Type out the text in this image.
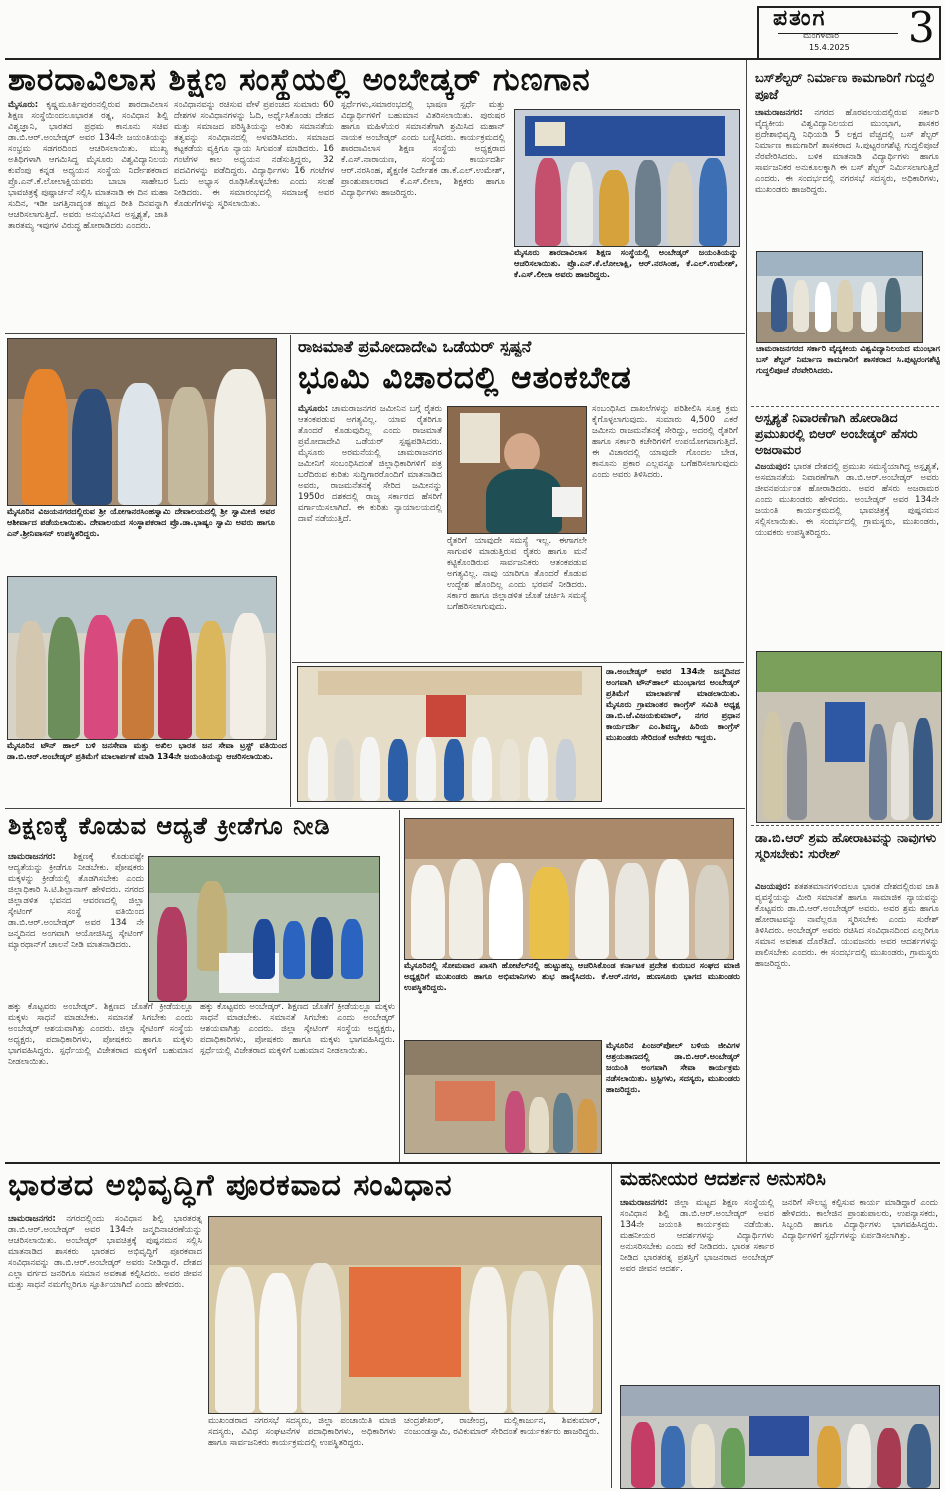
ಪತಂಗ
ಮಂಗಳವಾರ
15.4.2025 3
ಶಾರದಾವಿಲಾಸ ಶಿಕ್ಷಣ ಸಂಸ್ಥೆಯಲ್ಲಿ ಅಂಬೇಡ್ಕರ್ ಗುಣಗಾನ
ಮೈಸೂರು: ಕೃಷ್ಣಮೂರ್ತಿಪುರಂನಲ್ಲಿರುವ ಶಾರದಾವಿಲಾಸ ಶಿಕ್ಷಣ ಸಂಸ್ಥೆಯಿಂದಲೂಭಾರತ ರತ್ನ, ಸಂವಿಧಾನ ಶಿಲ್ಪಿ ವಿಶ್ವಜ್ಞಾನಿ, ಭಾರತದ ಪ್ರಥಮ ಕಾನೂನು ಸಚಿವ ಡಾ.ಬಿ.ಆರ್.ಅಂಬೇಡ್ಕರ್ ಅವರ 134ನೇ ಜಯಂತಿಯನ್ನು ಸಂಭ್ರಮ ಸಡಗರದಿಂದ ಆಚರಿಸಲಾಯಿತು. ಮುಖ್ಯ ಅತಿಥಿಗಳಾಗಿ ಆಗಮಿಸಿದ್ದ ಮೈಸೂರು ವಿಶ್ವವಿದ್ಯಾನಿಲಯ ಕುವೆಂಪು ಕನ್ನಡ ಅಧ್ಯಯನ ಸಂಸ್ಥೆಯ ನಿರ್ದೇಶಕರಾದ ಪ್ರೊ.ಎನ್.ಕೆ.ಲೋಲಾಕ್ಷಿಯವರು ಬಾಬಾ ಸಾಹೇಬರ ಭಾವಚಿತ್ರಕ್ಕೆ ಪುಷ್ಪಾರ್ಚನೆ ಸಲ್ಲಿಸಿ ಮಾತನಾಡಿ ಈ ದಿನ ಮಹಾ ಸುದಿನ, ಇಡೀ ಜಗತ್ತಿನಾದ್ಯಂತ ಹಬ್ಬದ ರೀತಿ ದಿನವನ್ನಾಗಿ ಆಚರಿಸಲಾಗುತ್ತಿದೆ. ಅವರು ಅನುಭವಿಸಿದ ಅಸ್ಪೃಶ್ಯತೆ, ಜಾತಿ ತಾರತಮ್ಯ ಇವುಗಳ ವಿರುದ್ಧ ಹೋರಾಡಿದರು ಎಂದರು.
ಸಂವಿಧಾನವನ್ನು ರಚಿಸುವ ವೇಳೆ ಪ್ರಪಂಚದ ಸುಮಾರು 60 ದೇಶಗಳ ಸಂವಿಧಾನಗಳನ್ನು ಓದಿ, ಅರ್ಥೈಸಿಕೊಂಡು ದೇಶದ ಮತ್ತು ಸಮಾಜದ ಪರಿಸ್ಥಿತಿಯನ್ನು ಅರಿತು ಸಮಾನತೆಯ ತತ್ವವನ್ನು ಸಂವಿಧಾನದಲ್ಲಿ ಅಳವಡಿಸಿದರು. ಸಮಾಜದ ಕಟ್ಟಕಡೆಯ ವ್ಯಕ್ತಿಗೂ ನ್ಯಾಯ ಸಿಗುವಂತೆ ಮಾಡಿದರು. 16 ಗಂಟೆಗಳ ಕಾಲ ಅಧ್ಯಯನ ನಡೆಸುತ್ತಿದ್ದರು, 32 ಪದವಿಗಳನ್ನು ಪಡೆದಿದ್ದರು. ವಿದ್ಯಾರ್ಥಿಗಳು 16 ಗಂಟೆಗಳ ಓದು ಅಭ್ಯಾಸ ರೂಢಿಸಿಕೊಳ್ಳಬೇಕು ಎಂದು ಸಲಹೆ ನೀಡಿದರು. ಈ ಸಮಾರಂಭದಲ್ಲಿ ಸಮಾಜಕ್ಕೆ ಅವರ ಕೊಡುಗೆಗಳನ್ನು ಸ್ಮರಿಸಲಾಯಿತು.
ಸ್ಪರ್ಧೆಗಳು,ಸಮಾರಂಭದಲ್ಲಿ ಭಾಷಣ ಸ್ಪರ್ಧೆ ಮತ್ತು ವಿದ್ಯಾರ್ಥಿಗಳಿಗೆ ಬಹುಮಾನ ವಿತರಿಸಲಾಯಿತು. ಪುರುಷರ ಹಾಗೂ ಮಹಿಳೆಯರ ಸಮಾನತೆಗಾಗಿ ಶ್ರಮಿಸಿದ ಮಹಾನ್ ನಾಯಕ ಅಂಬೇಡ್ಕರ್ ಎಂದು ಬಣ್ಣಿಸಿದರು. ಕಾರ್ಯಕ್ರಮದಲ್ಲಿ ಶಾರದಾವಿಲಾಸ ಶಿಕ್ಷಣ ಸಂಸ್ಥೆಯ ಅಧ್ಯಕ್ಷರಾದ ಕೆ.ಎಸ್.ನಾರಾಯಣ, ಸಂಸ್ಥೆಯ ಕಾರ್ಯದರ್ಶಿ ಆರ್.ನರಸಿಂಹ, ಶೈಕ್ಷಣಿಕ ನಿರ್ದೇಶಕ ಡಾ.ಕೆ.ಎಲ್.ಉಮೇಶ್, ಪ್ರಾಂಶುಪಾಲರಾದ ಕೆ.ಎಸ್.ಲೀಲಾ, ಶಿಕ್ಷಕರು ಹಾಗೂ ವಿದ್ಯಾರ್ಥಿಗಳು ಹಾಜರಿದ್ದರು.
ಮೈಸೂರು ಶಾರದಾವಿಲಾಸ ಶಿಕ್ಷಣ ಸಂಸ್ಥೆಯಲ್ಲಿ ಅಂಬೇಡ್ಕರ್ ಜಯಂತಿಯನ್ನು ಆಚರಿಸಲಾಯಿತು. ಪ್ರೊ.ಎನ್.ಕೆ.ಲೋಲಾಕ್ಷಿ, ಆರ್.ನರಸಿಂಹ, ಕೆ.ಎಲ್.ಉಮೇಶ್, ಕೆ.ಎಸ್.ಲೀಲಾ ಅವರು ಹಾಜರಿದ್ದರು.
ಬಸ್‌ಶೆಲ್ಟರ್ ನಿರ್ಮಾಣ ಕಾಮಗಾರಿಗೆ ಗುದ್ದಲಿ ಪೂಜೆ
ಚಾಮರಾಜನಗರ: ನಗರದ ಹೊರವಲಯದಲ್ಲಿರುವ ಸರ್ಕಾರಿ ವೈದ್ಯಕೀಯ ವಿಶ್ವವಿದ್ಯಾನಿಲಯದ ಮುಂಭಾಗ, ಶಾಸಕರ ಪ್ರದೇಶಾಭಿವೃದ್ಧಿ ನಿಧಿಯಡಿ 5 ಲಕ್ಷದ ವೆಚ್ಚದಲ್ಲಿ ಬಸ್ ಶೆಲ್ಟರ್ ನಿರ್ಮಾಣ ಕಾಮಗಾರಿಗೆ ಶಾಸಕರಾದ ಸಿ.ಪುಟ್ಟರಂಗಶೆಟ್ಟಿ ಗುದ್ದಲಿಪೂಜೆ ನೆರವೇರಿಸಿದರು. ಬಳಿಕ ಮಾತನಾಡಿ ವಿದ್ಯಾರ್ಥಿಗಳು ಹಾಗೂ ಸಾರ್ವಜನಿಕರ ಅನುಕೂಲಕ್ಕಾಗಿ ಈ ಬಸ್ ಶೆಲ್ಟರ್ ನಿರ್ಮಿಸಲಾಗುತ್ತಿದೆ ಎಂದರು. ಈ ಸಂದರ್ಭದಲ್ಲಿ ನಗರಸಭೆ ಸದಸ್ಯರು, ಅಧಿಕಾರಿಗಳು, ಮುಖಂಡರು ಹಾಜರಿದ್ದರು.
ಚಾಮರಾಜನಗರದ ಸರ್ಕಾರಿ ವೈದ್ಯಕೀಯ ವಿಶ್ವವಿದ್ಯಾನಿಲಯದ ಮುಂಭಾಗ ಬಸ್ ಶೆಲ್ಟರ್ ನಿರ್ಮಾಣ ಕಾಮಗಾರಿಗೆ ಶಾಸಕರಾದ ಸಿ.ಪುಟ್ಟರಂಗಶೆಟ್ಟಿ ಗುದ್ದಲಿಪೂಜೆ ನೆರವೇರಿಸಿದರು.
ಅಸ್ಪೃಶ್ಯತೆ ನಿವಾರಣೆಗಾಗಿ ಹೋರಾಡಿದ ಪ್ರಮುಖರಲ್ಲಿ ಬಿಆರ್ ಅಂಬೇಡ್ಕರ್ ಹೆಸರು ಅಜರಾಮರ
ವಿಜಯಪುರ: ಭಾರತ ದೇಶದಲ್ಲಿ ಪ್ರಮುಖ ಸಮಸ್ಯೆಯಾಗಿದ್ದ ಅಸ್ಪೃಶ್ಯತೆ, ಅಸಮಾನತೆಯ ನಿವಾರಣೆಗಾಗಿ ಡಾ.ಬಿ.ಆರ್.ಅಂಬೇಡ್ಕರ್ ಅವರು ಜೀವನಪರ್ಯಂತ ಹೋರಾಡಿದರು. ಅವರ ಹೆಸರು ಅಜರಾಮರ ಎಂದು ಮುಖಂಡರು ಹೇಳಿದರು. ಅಂಬೇಡ್ಕರ್ ಅವರ 134ನೇ ಜಯಂತಿ ಕಾರ್ಯಕ್ರಮದಲ್ಲಿ ಭಾವಚಿತ್ರಕ್ಕೆ ಪುಷ್ಪನಮನ ಸಲ್ಲಿಸಲಾಯಿತು. ಈ ಸಂದರ್ಭದಲ್ಲಿ ಗ್ರಾಮಸ್ಥರು, ಮುಖಂಡರು, ಯುವಕರು ಉಪಸ್ಥಿತರಿದ್ದರು.
ಡಾ.ಬಿ.ಆರ್ ಶ್ರಮ ಹೋರಾಟವನ್ನು ನಾವುಗಳು ಸ್ಮರಿಸಬೇಕು: ಸುರೇಶ್
ವಿಜಯಪುರ: ಶತಶತಮಾನಗಳಿಂದಲೂ ಭಾರತ ದೇಶದಲ್ಲಿರುವ ಜಾತಿ ವ್ಯವಸ್ಥೆಯನ್ನು ಮೀರಿ ಸಮಾನತೆ ಹಾಗೂ ಸಾಮಾಜಿಕ ನ್ಯಾಯವನ್ನು ಕೊಟ್ಟವರು ಡಾ.ಬಿ.ಆರ್.ಅಂಬೇಡ್ಕರ್ ಅವರು. ಅವರ ಶ್ರಮ ಹಾಗೂ ಹೋರಾಟವನ್ನು ನಾವೆಲ್ಲರೂ ಸ್ಮರಿಸಬೇಕು ಎಂದು ಸುರೇಶ್ ತಿಳಿಸಿದರು. ಅಂಬೇಡ್ಕರ್ ಅವರು ರಚಿಸಿದ ಸಂವಿಧಾನದಿಂದ ಎಲ್ಲರಿಗೂ ಸಮಾನ ಅವಕಾಶ ದೊರೆತಿದೆ. ಯುವಜನರು ಅವರ ಆದರ್ಶಗಳನ್ನು ಪಾಲಿಸಬೇಕು ಎಂದರು. ಈ ಸಂದರ್ಭದಲ್ಲಿ ಮುಖಂಡರು, ಗ್ರಾಮಸ್ಥರು ಹಾಜರಿದ್ದರು.
ಮೈಸೂರಿನ ವಿಜಯನಗರದಲ್ಲಿರುವ ಶ್ರೀ ಯೋಗಾನರಸಿಂಹಸ್ವಾಮಿ ದೇವಾಲಯದಲ್ಲಿ ಶ್ರೀ ಸ್ವಾಮೀಜಿ ಅವರ ಆಶೀರ್ವಾದ ಪಡೆಯಲಾಯಿತು. ದೇವಾಲಯದ ಸಂಸ್ಥಾಪಕರಾದ ಪ್ರೊ.ಡಾ.ಭಾಷ್ಯಂ ಸ್ವಾಮಿ ಅವರು ಹಾಗೂ ಎನ್.ಶ್ರೀನಿವಾಸನ್ ಉಪಸ್ಥಿತರಿದ್ದರು.
ಮೈಸೂರಿನ ಟೌನ್ ಹಾಲ್ ಬಳಿ ಜನಸೇವಾ ಮತ್ತು ಅಖಿಲ ಭಾರತ ಜನ ಸೇವಾ ಟ್ರಸ್ಟ್ ವತಿಯಿಂದ ಡಾ.ಬಿ.ಆರ್.ಅಂಬೇಡ್ಕರ್ ಪ್ರತಿಮೆಗೆ ಮಾಲಾರ್ಪಣೆ ಮಾಡಿ 134ನೇ ಜಯಂತಿಯನ್ನು ಆಚರಿಸಲಾಯಿತು.
ರಾಜಮಾತೆ ಪ್ರಮೋದಾದೇವಿ ಒಡೆಯರ್ ಸ್ಪಷ್ಟನೆ
ಭೂಮಿ ವಿಚಾರದಲ್ಲಿ ಆತಂಕಬೇಡ
ಮೈಸೂರು: ಚಾಮರಾಜನಗರ ಜಮೀನಿನ ಬಗ್ಗೆ ರೈತರು ಆತಂಕಪಡುವ ಅಗತ್ಯವಿಲ್ಲ. ಯಾವ ರೈತರಿಗೂ ತೊಂದರೆ ಕೊಡುವುದಿಲ್ಲ ಎಂದು ರಾಜಮಾತೆ ಪ್ರಮೋದಾದೇವಿ ಒಡೆಯರ್ ಸ್ಪಷ್ಟಪಡಿಸಿದರು. ಮೈಸೂರು ಅರಮನೆಯಲ್ಲಿ ಚಾಮರಾಜನಗರ ಜಮೀನಿಗೆ ಸಂಬಂಧಿಸಿದಂತೆ ಜಿಲ್ಲಾಧಿಕಾರಿಗಳಿಗೆ ಪತ್ರ ಬರೆದಿರುವ ಕುರಿತು ಸುದ್ದಿಗಾರರೊಂದಿಗೆ ಮಾತನಾಡಿದ ಅವರು, ರಾಜಮನೆತನಕ್ಕೆ ಸೇರಿದ ಜಮೀನನ್ನು 1950ರ ದಶಕದಲ್ಲಿ ರಾಜ್ಯ ಸರ್ಕಾರದ ಹೆಸರಿಗೆ ವರ್ಗಾಯಿಸಲಾಗಿದೆ. ಈ ಕುರಿತು ನ್ಯಾಯಾಲಯದಲ್ಲಿ ದಾವೆ ನಡೆಯುತ್ತಿದೆ.
ರೈತರಿಗೆ ಯಾವುದೇ ಸಮಸ್ಯೆ ಇಲ್ಲ. ಈಗಾಗಲೇ ಸಾಗುವಳಿ ಮಾಡುತ್ತಿರುವ ರೈತರು ಹಾಗೂ ಮನೆ ಕಟ್ಟಿಕೊಂಡಿರುವ ಸಾರ್ವಜನಿಕರು ಆತಂಕಪಡುವ ಅಗತ್ಯವಿಲ್ಲ. ನಾವು ಯಾರಿಗೂ ತೊಂದರೆ ಕೊಡುವ ಉದ್ದೇಶ ಹೊಂದಿಲ್ಲ ಎಂದು ಭರವಸೆ ನೀಡಿದರು. ಸರ್ಕಾರ ಹಾಗೂ ಜಿಲ್ಲಾಡಳಿತ ಜೊತೆ ಚರ್ಚಿಸಿ ಸಮಸ್ಯೆ ಬಗೆಹರಿಸಲಾಗುವುದು.
ಸಂಬಂಧಿಸಿದ ದಾಖಲೆಗಳನ್ನು ಪರಿಶೀಲಿಸಿ ಸೂಕ್ತ ಕ್ರಮ ಕೈಗೊಳ್ಳಲಾಗುವುದು. ಸುಮಾರು 4,500 ಎಕರೆ ಜಮೀನು ರಾಜಮನೆತನಕ್ಕೆ ಸೇರಿದ್ದು, ಅದರಲ್ಲಿ ರೈತರಿಗೆ ಹಾಗೂ ಸರ್ಕಾರಿ ಕಚೇರಿಗಳಿಗೆ ಉಪಯೋಗವಾಗುತ್ತಿದೆ. ಈ ವಿಚಾರದಲ್ಲಿ ಯಾವುದೇ ಗೊಂದಲ ಬೇಡ, ಕಾನೂನು ಪ್ರಕಾರ ಎಲ್ಲವನ್ನೂ ಬಗೆಹರಿಸಲಾಗುವುದು ಎಂದು ಅವರು ತಿಳಿಸಿದರು.
ಡಾ.ಅಂಬೇಡ್ಕರ್ ಅವರ 134ನೇ ಜನ್ಮದಿನದ ಅಂಗವಾಗಿ ಟೌನ್‌ಹಾಲ್ ಮುಂಭಾಗದ ಅಂಬೇಡ್ಕರ್ ಪ್ರತಿಮೆಗೆ ಮಾಲಾರ್ಪಣೆ ಮಾಡಲಾಯಿತು. ಮೈಸೂರು ಗ್ರಾಮಾಂತರ ಕಾಂಗ್ರೆಸ್ ಸಮಿತಿ ಅಧ್ಯಕ್ಷ ಡಾ.ಬಿ.ಜೆ.ವಿಜಯಕುಮಾರ್, ನಗರ ಪ್ರಧಾನ ಕಾರ್ಯದರ್ಶಿ ಎಂ.ಶಿವಣ್ಣ, ಹಿರಿಯ ಕಾಂಗ್ರೆಸ್ ಮುಖಂಡರು ಸೇರಿದಂತೆ ಅನೇಕರು ಇದ್ದರು.
ಶಿಕ್ಷಣಕ್ಕೆ ಕೊಡುವ ಆದ್ಯತೆ ಕ್ರೀಡೆಗೂ ನೀಡಿ
ಚಾಮರಾಜನಗರ: ಶಿಕ್ಷಣಕ್ಕೆ ಕೊಡುವಷ್ಟೇ ಆದ್ಯತೆಯನ್ನು ಕ್ರೀಡೆಗೂ ನೀಡಬೇಕು. ಪೋಷಕರು ಮಕ್ಕಳನ್ನು ಕ್ರೀಡೆಯಲ್ಲಿ ತೊಡಗಿಸಬೇಕು ಎಂದು ಜಿಲ್ಲಾಧಿಕಾರಿ ಸಿ.ಟಿ.ಶಿಲ್ಪಾನಾಗ್ ಹೇಳಿದರು. ನಗರದ ಜಿಲ್ಲಾಡಳಿತ ಭವನದ ಆವರಣದಲ್ಲಿ ಜಿಲ್ಲಾ ಸ್ಕೇಟಿಂಗ್ ಸಂಸ್ಥೆ ವತಿಯಿಂದ ಡಾ.ಬಿ.ಆರ್.ಅಂಬೇಡ್ಕರ್ ಅವರ 134 ನೇ ಜನ್ಮದಿನದ ಅಂಗವಾಗಿ ಆಯೋಜಿಸಿದ್ದ ಸ್ಕೇಟಿಂಗ್ ಮ್ಯಾರಥಾನ್‌ಗೆ ಚಾಲನೆ ನೀಡಿ ಮಾತನಾಡಿದರು.
ಹಕ್ಕು ಕೊಟ್ಟವರು ಅಂಬೇಡ್ಕರ್. ಶಿಕ್ಷಣದ ಜೊತೆಗೆ ಕ್ರೀಡೆಯಲ್ಲೂ ಮಕ್ಕಳು ಸಾಧನೆ ಮಾಡಬೇಕು. ಸಮಾನತೆ ಸಿಗಬೇಕು ಎಂದು ಅಂಬೇಡ್ಕರ್ ಆಶಯವಾಗಿತ್ತು ಎಂದರು. ಜಿಲ್ಲಾ ಸ್ಕೇಟಿಂಗ್ ಸಂಸ್ಥೆಯ ಅಧ್ಯಕ್ಷರು, ಪದಾಧಿಕಾರಿಗಳು, ಪೋಷಕರು ಹಾಗೂ ಮಕ್ಕಳು ಭಾಗವಹಿಸಿದ್ದರು. ಸ್ಪರ್ಧೆಯಲ್ಲಿ ವಿಜೇತರಾದ ಮಕ್ಕಳಿಗೆ ಬಹುಮಾನ ನೀಡಲಾಯಿತು.
ಹಕ್ಕು ಕೊಟ್ಟವರು ಅಂಬೇಡ್ಕರ್. ಶಿಕ್ಷಣದ ಜೊತೆಗೆ ಕ್ರೀಡೆಯಲ್ಲೂ ಮಕ್ಕಳು ಸಾಧನೆ ಮಾಡಬೇಕು. ಸಮಾನತೆ ಸಿಗಬೇಕು ಎಂದು ಅಂಬೇಡ್ಕರ್ ಆಶಯವಾಗಿತ್ತು ಎಂದರು. ಜಿಲ್ಲಾ ಸ್ಕೇಟಿಂಗ್ ಸಂಸ್ಥೆಯ ಅಧ್ಯಕ್ಷರು, ಪದಾಧಿಕಾರಿಗಳು, ಪೋಷಕರು ಹಾಗೂ ಮಕ್ಕಳು ಭಾಗವಹಿಸಿದ್ದರು. ಸ್ಪರ್ಧೆಯಲ್ಲಿ ವಿಜೇತರಾದ ಮಕ್ಕಳಿಗೆ ಬಹುಮಾನ ನೀಡಲಾಯಿತು.
ಮೈಸೂರಿನಲ್ಲಿ ಸೋಮವಾರ ಖಾಸಗಿ ಹೋಟೆಲ್‌ನಲ್ಲಿ ಹುಟ್ಟುಹಬ್ಬ ಆಚರಿಸಿಕೊಂಡ ಕರ್ನಾಟಕ ಪ್ರದೇಶ ಕುರುಬರ ಸಂಘದ ಮಾಜಿ ಅಧ್ಯಕ್ಷರಿಗೆ ಮುಖಂಡರು ಹಾಗೂ ಅಭಿಮಾನಿಗಳು ಶುಭ ಹಾರೈಸಿದರು. ಕೆ.ಆರ್.ನಗರ, ಹುಣಸೂರು ಭಾಗದ ಮುಖಂಡರು ಉಪಸ್ಥಿತರಿದ್ದರು.
ಮೈಸೂರಿನ ಪಿಂಜರ್‌ಪೋಲ್ ಬಳಿಯ ಜೀವಿಗಳ ಆಶ್ರಯತಾಣದಲ್ಲಿ ಡಾ.ಬಿ.ಆರ್.ಅಂಬೇಡ್ಕರ್ ಜಯಂತಿ ಅಂಗವಾಗಿ ಸೇವಾ ಕಾರ್ಯಕ್ರಮ ನಡೆಸಲಾಯಿತು. ಟ್ರಸ್ಟಿಗಳು, ಸದಸ್ಯರು, ಮುಖಂಡರು ಹಾಜರಿದ್ದರು.
ಭಾರತದ ಅಭಿವೃದ್ಧಿಗೆ ಪೂರಕವಾದ ಸಂವಿಧಾನ
ಚಾಮರಾಜನಗರ: ನಗರದಲ್ಲಿಂದು ಸಂವಿಧಾನ ಶಿಲ್ಪಿ ಭಾರತರತ್ನ ಡಾ.ಬಿ.ಆರ್.ಅಂಬೇಡ್ಕರ್ ಅವರ 134ನೇ ಜನ್ಮದಿನಾಚರಣೆಯನ್ನು ಆಚರಿಸಲಾಯಿತು. ಅಂಬೇಡ್ಕರ್ ಭಾವಚಿತ್ರಕ್ಕೆ ಪುಷ್ಪನಮನ ಸಲ್ಲಿಸಿ ಮಾತನಾಡಿದ ಶಾಸಕರು ಭಾರತದ ಅಭಿವೃದ್ಧಿಗೆ ಪೂರಕವಾದ ಸಂವಿಧಾನವನ್ನು ಡಾ.ಬಿ.ಆರ್.ಅಂಬೇಡ್ಕರ್ ಅವರು ನೀಡಿದ್ದಾರೆ. ದೇಶದ ಎಲ್ಲಾ ವರ್ಗದ ಜನರಿಗೂ ಸಮಾನ ಅವಕಾಶ ಕಲ್ಪಿಸಿದರು. ಅವರ ಜೀವನ ಮತ್ತು ಸಾಧನೆ ನಮಗೆಲ್ಲರಿಗೂ ಸ್ಫೂರ್ತಿಯಾಗಿದೆ ಎಂದು ಹೇಳಿದರು.
ಮುಖಂಡರಾದ ನಗರಸಭೆ ಸದಸ್ಯರು, ಜಿಲ್ಲಾ ಪಂಚಾಯಿತಿ ಮಾಜಿ ಸದಸ್ಯರು, ವಿವಿಧ ಸಂಘಟನೆಗಳ ಪದಾಧಿಕಾರಿಗಳು, ಅಧಿಕಾರಿಗಳು ಹಾಗೂ ಸಾರ್ವಜನಿಕರು ಕಾರ್ಯಕ್ರಮದಲ್ಲಿ ಉಪಸ್ಥಿತರಿದ್ದರು.
ಚಂದ್ರಶೇಖರ್, ರಾಜೇಂದ್ರ, ಮಲ್ಲಿಕಾರ್ಜುನ, ಶಿವಕುಮಾರ್, ನಂಜುಂಡಸ್ವಾಮಿ, ರವಿಕುಮಾರ್ ಸೇರಿದಂತೆ ಕಾರ್ಯಕರ್ತರು ಹಾಜರಿದ್ದರು.
ಮಹನೀಯರ ಆದರ್ಶನ ಅನುಸರಿಸಿ
ಚಾಮರಾಜನಗರ: ಜಿಲ್ಲಾ ಮಟ್ಟದ ಶಿಕ್ಷಣ ಸಂಸ್ಥೆಯಲ್ಲಿ ಸಂವಿಧಾನ ಶಿಲ್ಪಿ ಡಾ.ಬಿ.ಆರ್.ಅಂಬೇಡ್ಕರ್ ಅವರ 134ನೇ ಜಯಂತಿ ಕಾರ್ಯಕ್ರಮ ನಡೆಯಿತು. ಮಹನೀಯರ ಆದರ್ಶಗಳನ್ನು ವಿದ್ಯಾರ್ಥಿಗಳು ಅನುಸರಿಸಬೇಕು ಎಂದು ಕರೆ ನೀಡಿದರು. ಭಾರತ ಸರ್ಕಾರ ನೀಡಿದ ಭಾರತರತ್ನ ಪ್ರಶಸ್ತಿಗೆ ಭಾಜನರಾದ ಅಂಬೇಡ್ಕರ್ ಅವರ ಜೀವನ ಆದರ್ಶ.
ಜನರಿಗೆ ಸೌಲಭ್ಯ ಕಲ್ಪಿಸುವ ಕಾರ್ಯ ಮಾಡಿದ್ದಾರೆ ಎಂದು ಹೇಳಿದರು. ಕಾಲೇಜಿನ ಪ್ರಾಂಶುಪಾಲರು, ಉಪನ್ಯಾಸಕರು, ಸಿಬ್ಬಂದಿ ಹಾಗೂ ವಿದ್ಯಾರ್ಥಿಗಳು ಭಾಗವಹಿಸಿದ್ದರು. ವಿದ್ಯಾರ್ಥಿಗಳಿಗೆ ಸ್ಪರ್ಧೆಗಳನ್ನು ಏರ್ಪಡಿಸಲಾಗಿತ್ತು.
